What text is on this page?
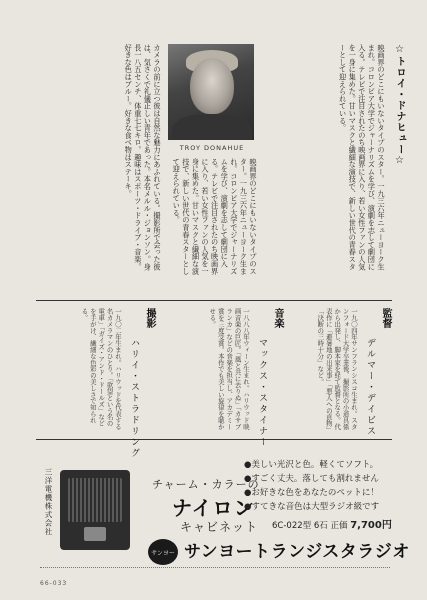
☆トロイ・ドナヒュー☆
映画界のどこにもいないタイプのスター。一九三六年ニューヨーク生まれ。コロンビア大学でジャーナリズムを学び、演劇を志して劇団に入る。テレビで注目されたのち映画界に入り、若い女性ファンの人気を一身に集めた。甘いマスクと繊細な演技で、新しい世代の青春スターとして迎えられている。
TROY DONAHUE
映画界のどこにもいないタイプのスター。一九三六年ニューヨーク生まれ。コロンビア大学でジャーナリズムを学び、演劇を志して劇団に入る。テレビで注目されたのち映画界に入り、若い女性ファンの人気を一身に集めた。甘いマスクと繊細な演技で、新しい世代の青春スターとして迎えられている。
カメラの前に立つ彼は自然な魅力にあふれている。撮影所で会った彼は、気さくで礼儀正しい青年であった。本名メルル・ジョンソン。身長一八五センチ、体重七七キロ。趣味はスポーツ・ドライブ・音楽。好きな色はブルー。好きな食べ物はステーキ。
監督
デルマー・デイビス
一九〇四年サンフランシスコ生まれ。スタンフォード大学卒業後、撮影所の小道具係から出発し、脚本家を経て監督となる。代表作に「避暑地の出来事」「悪人への貢物」「決断の三時十分」など。
音楽
マックス・スタイナー
一八八八年ウィーン生まれ。ハリウッド映画音楽の巨匠。「風と共に去りぬ」「カサブランカ」などの音楽を担当し、アカデミー賞を三度受賞。本作でも美しい旋律を聴かせる。
撮影
ハリイ・ストラドリング
一九〇二年生まれ。ハリウッドを代表する名カメラマンのひとり。「欲望という名の電車」「ガイズ・アンド・ドールズ」などを手がけ、繊細な色彩の美しさで知られる。
三洋電機株式会社	チャーム・カラーの
ナイロン
キャビネット
●美しい光沢と色。軽くてソフト。
●すごく丈夫。落しても割れません
●お好きな色をあなたのペットに！
●すてきな音色は大型ラジオ級です
6C-022型 6石 正価 7,700円
サンヨー サンヨートランジスタラジオ
66-033
